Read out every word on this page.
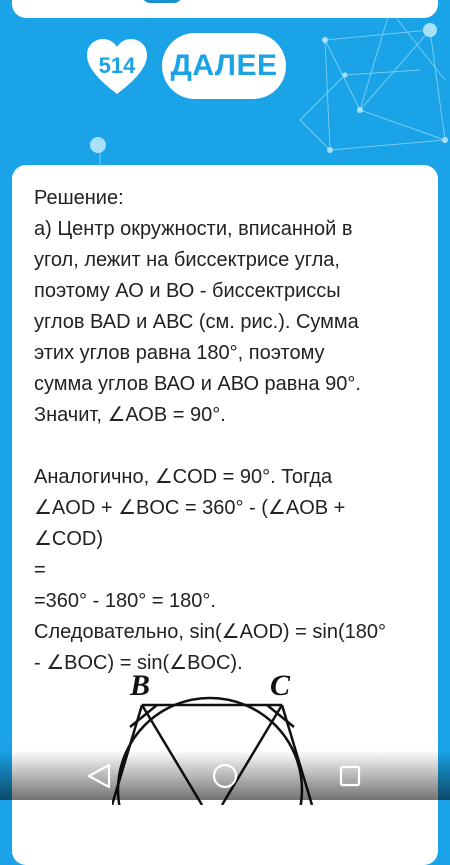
514	ДАЛЕЕ

Решение:

а) Центр окружности, вписанной в

угол, лежит на биссектрисе угла,

поэтому АО и ВО - биссектриссы

углов ВАD и АВС (см. рис.). Сумма

этих углов равна 180°, поэтому

сумма углов ВАО и АВО равна 90°.

Значит, ∠АОВ = 90°.

Аналогично, ∠COD = 90°. Тогда

∠AOD + ∠BOC = 360° - (∠AOB + ∠COD)

=

=360° - 180° = 180°.

Следовательно, sin(∠AOD) = sin(180°

- ∠BOC) = sin(∠BOC).

B	C
